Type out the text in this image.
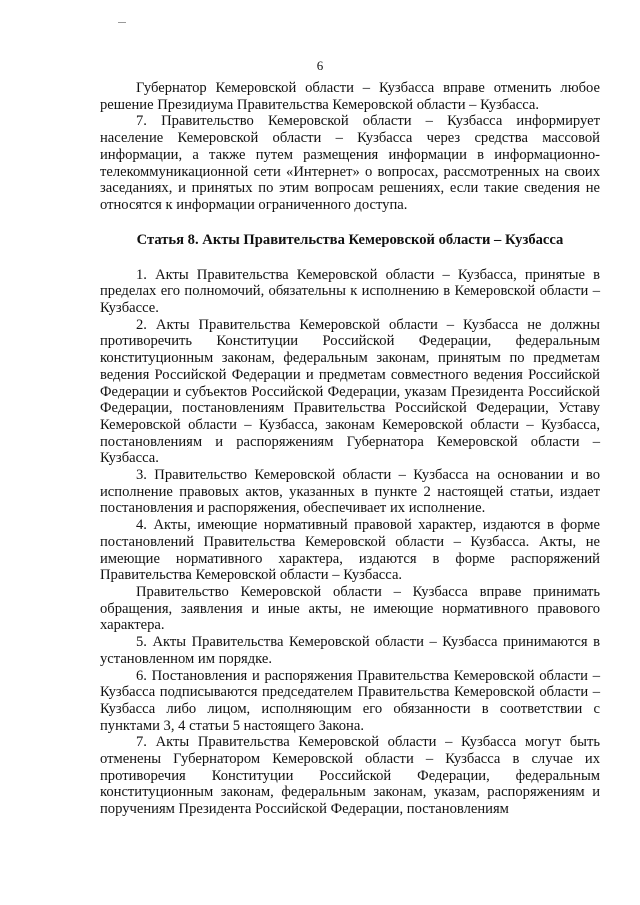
6

Губернатор Кемеровской области – Кузбасса вправе отменить любое решение Президиума Правительства Кемеровской области – Кузбасса.

7. Правительство Кемеровской области – Кузбасса информирует население Кемеровской области – Кузбасса через средства массовой информации, а также путем размещения информации в информационно-телекоммуникационной сети «Интернет» о вопросах, рассмотренных на своих заседаниях, и принятых по этим вопросам решениях, если такие сведения не относятся к информации ограниченного доступа.

Статья 8. Акты Правительства Кемеровской области – Кузбасса

1. Акты Правительства Кемеровской области – Кузбасса, принятые в пределах его полномочий, обязательны к исполнению в Кемеровской области – Кузбассе.

2. Акты Правительства Кемеровской области – Кузбасса не должны противоречить Конституции Российской Федерации, федеральным конституционным законам, федеральным законам, принятым по предметам ведения Российской Федерации и предметам совместного ведения Российской Федерации и субъектов Российской Федерации, указам Президента Российской Федерации, постановлениям Правительства Российской Федерации, Уставу Кемеровской области – Кузбасса, законам Кемеровской области – Кузбасса, постановлениям и распоряжениям Губернатора Кемеровской области – Кузбасса.

3. Правительство Кемеровской области – Кузбасса на основании и во исполнение правовых актов, указанных в пункте 2 настоящей статьи, издает постановления и распоряжения, обеспечивает их исполнение.

4. Акты, имеющие нормативный правовой характер, издаются в форме постановлений Правительства Кемеровской области – Кузбасса. Акты, не имеющие нормативного характера, издаются в форме распоряжений Правительства Кемеровской области – Кузбасса.

Правительство Кемеровской области – Кузбасса вправе принимать обращения, заявления и иные акты, не имеющие нормативного правового характера.

5. Акты Правительства Кемеровской области – Кузбасса принимаются в установленном им порядке.

6. Постановления и распоряжения Правительства Кемеровской области – Кузбасса подписываются председателем Правительства Кемеровской области – Кузбасса либо лицом, исполняющим его обязанности в соответствии с пунктами 3, 4 статьи 5 настоящего Закона.

7. Акты Правительства Кемеровской области – Кузбасса могут быть отменены Губернатором Кемеровской области – Кузбасса в случае их противоречия Конституции Российской Федерации, федеральным конституционным законам, федеральным законам, указам, распоряжениям и поручениям Президента Российской Федерации, постановлениям
